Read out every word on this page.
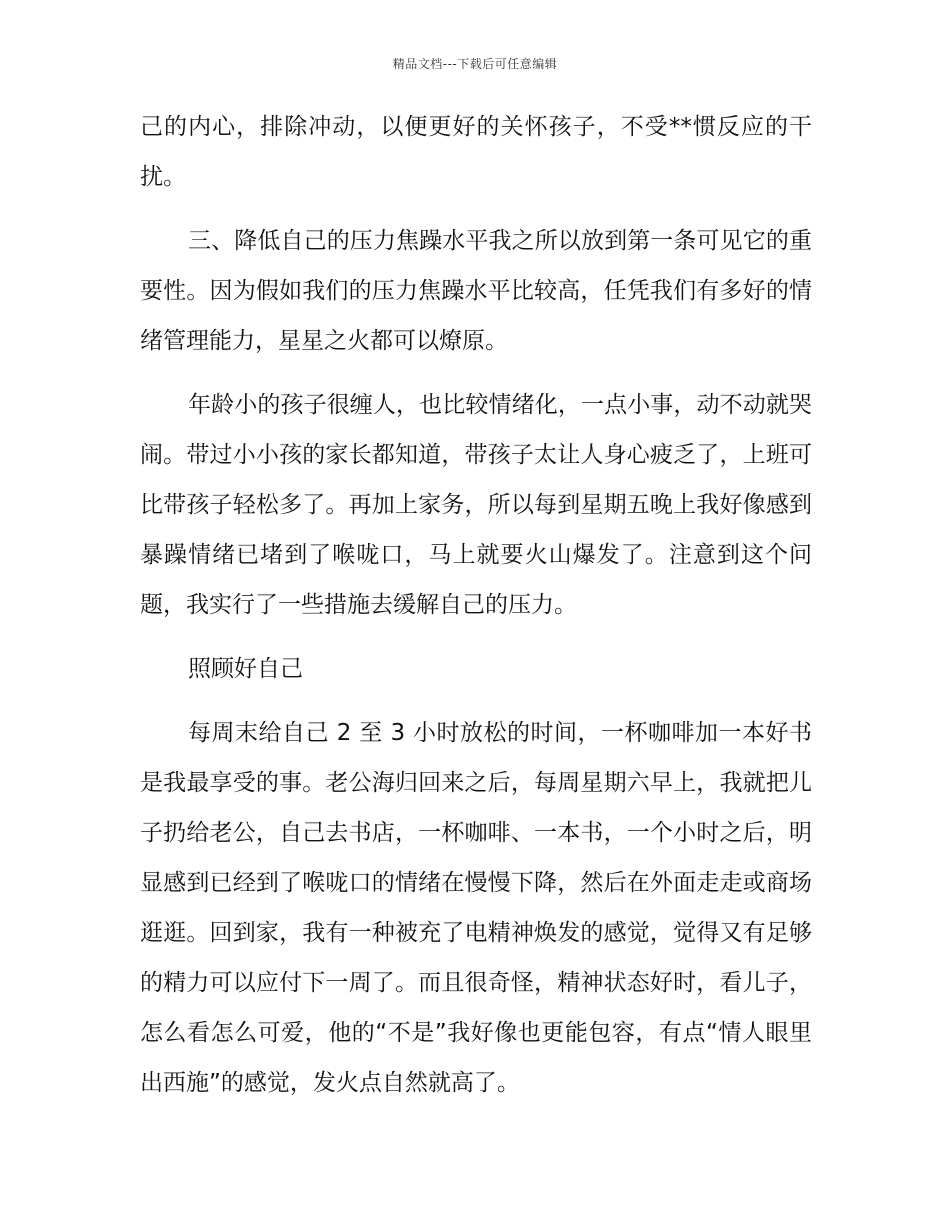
精品文档---下载后可任意编辑

己的内心，排除冲动，以便更好的关怀孩子，不受**惯反应的干扰。

三、降低自己的压力焦躁水平我之所以放到第一条可见它的重要性。因为假如我们的压力焦躁水平比较高，任凭我们有多好的情绪管理能力，星星之火都可以燎原。

年龄小的孩子很缠人，也比较情绪化，一点小事，动不动就哭闹。带过小小孩的家长都知道，带孩子太让人身心疲乏了，上班可比带孩子轻松多了。再加上家务，所以每到星期五晚上我好像感到暴躁情绪已堵到了喉咙口，马上就要火山爆发了。注意到这个问题，我实行了一些措施去缓解自己的压力。

照顾好自己

每周末给自己 2 至 3 小时放松的时间，一杯咖啡加一本好书是我最享受的事。老公海归回来之后，每周星期六早上，我就把儿子扔给老公，自己去书店，一杯咖啡、一本书，一个小时之后，明显感到已经到了喉咙口的情绪在慢慢下降，然后在外面走走或商场逛逛。回到家，我有一种被充了电精神焕发的感觉，觉得又有足够的精力可以应付下一周了。而且很奇怪，精神状态好时，看儿子，怎么看怎么可爱，他的“不是”我好像也更能包容，有点“情人眼里出西施”的感觉，发火点自然就高了。
